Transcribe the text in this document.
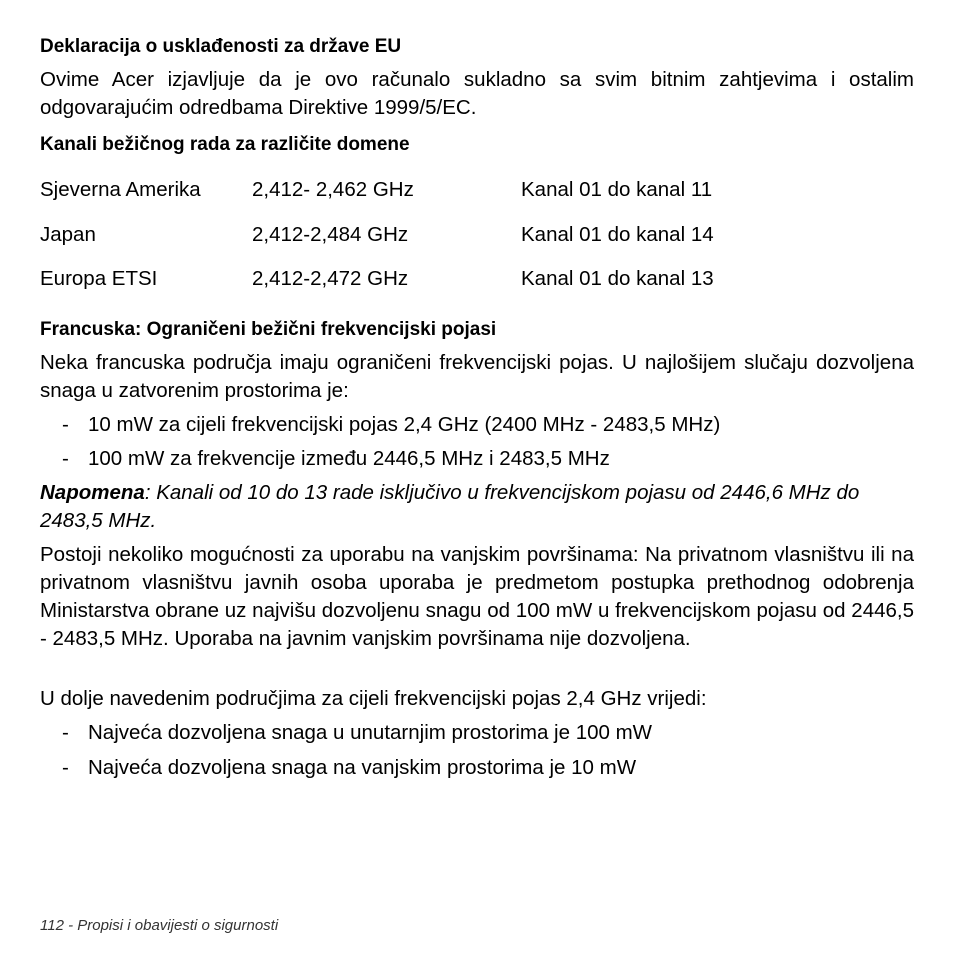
Deklaracija o usklađenosti za države EU
Ovime Acer izjavljuje da je ovo računalo sukladno sa svim bitnim zahtjevima i ostalim odgovarajućim odredbama Direktive 1999/5/EC.
Kanali bežičnog rada za različite domene
Sjeverna Amerika	2,412- 2,462 GHz	Kanal 01 do kanal 11
Japan	2,412-2,484 GHz	Kanal 01 do kanal 14
Europa ETSI	2,412-2,472 GHz	Kanal 01 do kanal 13
Francuska: Ograničeni bežični frekvencijski pojasi
Neka francuska područja imaju ograničeni frekvencijski pojas. U najlošijem slučaju dozvoljena snaga u zatvorenim prostorima je:
- 10 mW za cijeli frekvencijski pojas 2,4 GHz (2400 MHz - 2483,5 MHz)
- 100 mW za frekvencije između 2446,5 MHz i 2483,5 MHz
Napomena: Kanali od 10 do 13 rade isključivo u frekvencijskom pojasu od 2446,6 MHz do 2483,5 MHz.
Postoji nekoliko mogućnosti za uporabu na vanjskim površinama: Na privatnom vlasništvu ili na privatnom vlasništvu javnih osoba uporaba je predmetom postupka prethodnog odobrenja Ministarstva obrane uz najvišu dozvoljenu snagu od 100 mW u frekvencijskom pojasu od 2446,5 - 2483,5 MHz. Uporaba na javnim vanjskim površinama nije dozvoljena.
U dolje navedenim područjima za cijeli frekvencijski pojas 2,4 GHz vrijedi:
- Najveća dozvoljena snaga u unutarnjim prostorima je 100 mW
- Najveća dozvoljena snaga na vanjskim prostorima je 10 mW
112 - Propisi i obavijesti o sigurnosti
